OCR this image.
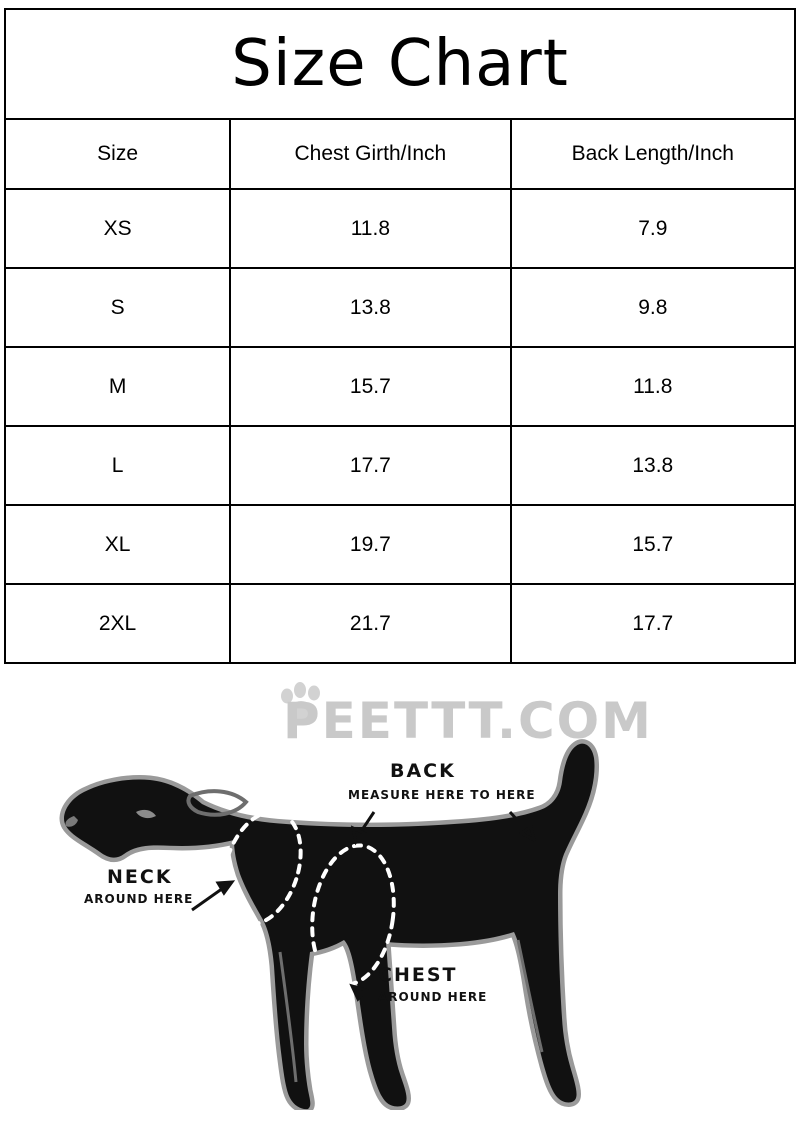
Size Chart		
Size	Chest Girth/Inch	Back Length/Inch
XS	11.8	7.9
S	13.8	9.8
M	15.7	11.8
L	17.7	13.8
XL	19.7	15.7
2XL	21.7	17.7
PEETTT.COM
BACK
MEASURE HERE TO HERE
NECK
AROUND HERE
CHEST
AROUND HERE
